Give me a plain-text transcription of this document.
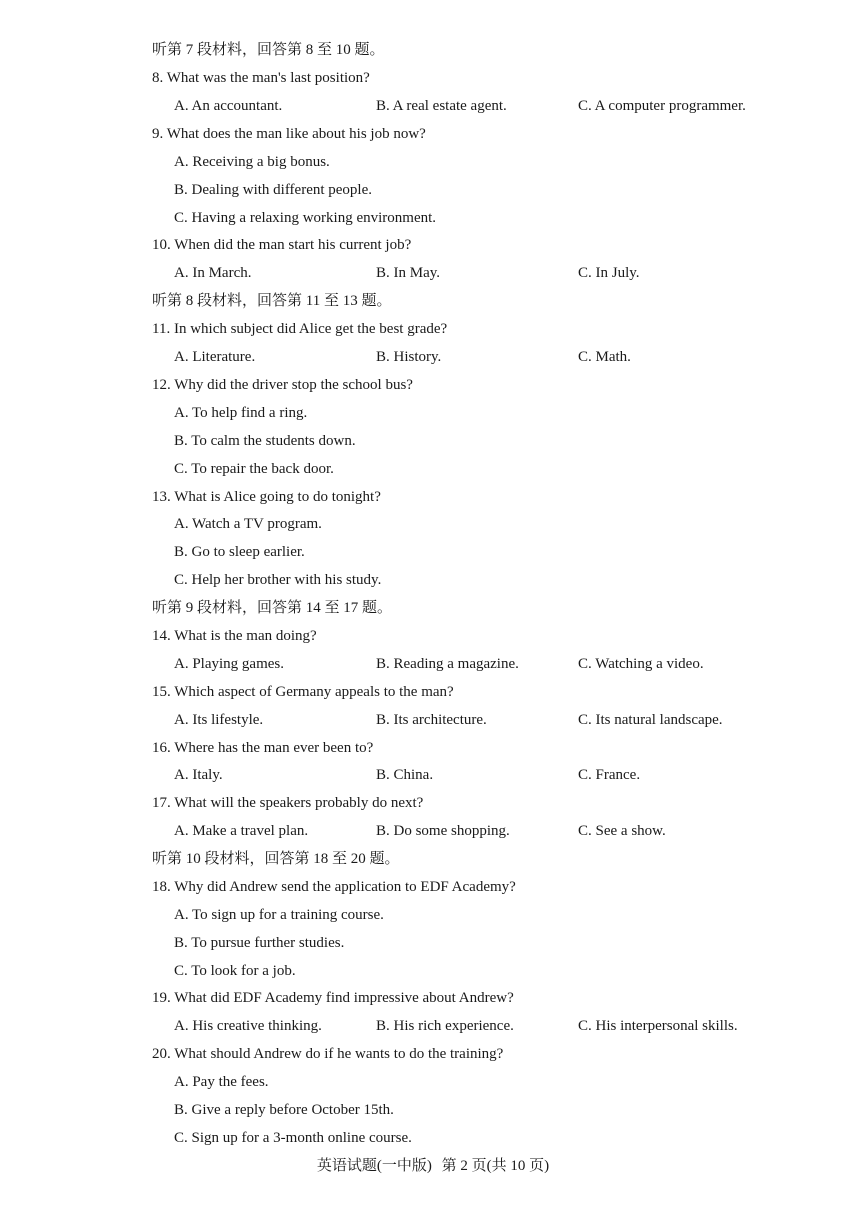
听第 7 段材料，回答第 8 至 10 题。
8. What was the man's last position?
A. An accountant.	B. A real estate agent.	C. A computer programmer.
9. What does the man like about his job now?
A. Receiving a big bonus.
B. Dealing with different people.
C. Having a relaxing working environment.
10. When did the man start his current job?
A. In March.	B. In May.	C. In July.
听第 8 段材料，回答第 11 至 13 题。
11. In which subject did Alice get the best grade?
A. Literature.	B. History.	C. Math.
12. Why did the driver stop the school bus?
A. To help find a ring.
B. To calm the students down.
C. To repair the back door.
13. What is Alice going to do tonight?
A. Watch a TV program.
B. Go to sleep earlier.
C. Help her brother with his study.
听第 9 段材料，回答第 14 至 17 题。
14. What is the man doing?
A. Playing games.	B. Reading a magazine.	C. Watching a video.
15. Which aspect of Germany appeals to the man?
A. Its lifestyle.	B. Its architecture.	C. Its natural landscape.
16. Where has the man ever been to?
A. Italy.	B. China.	C. France.
17. What will the speakers probably do next?
A. Make a travel plan.	B. Do some shopping.	C. See a show.
听第 10 段材料，回答第 18 至 20 题。
18. Why did Andrew send the application to EDF Academy?
A. To sign up for a training course.
B. To pursue further studies.
C. To look for a job.
19. What did EDF Academy find impressive about Andrew?
A. His creative thinking.	B. His rich experience.	C. His interpersonal skills.
20. What should Andrew do if he wants to do the training?
A. Pay the fees.
B. Give a reply before October 15th.
C. Sign up for a 3-month online course.
英语试题(一中版) 第 2 页(共 10 页)
